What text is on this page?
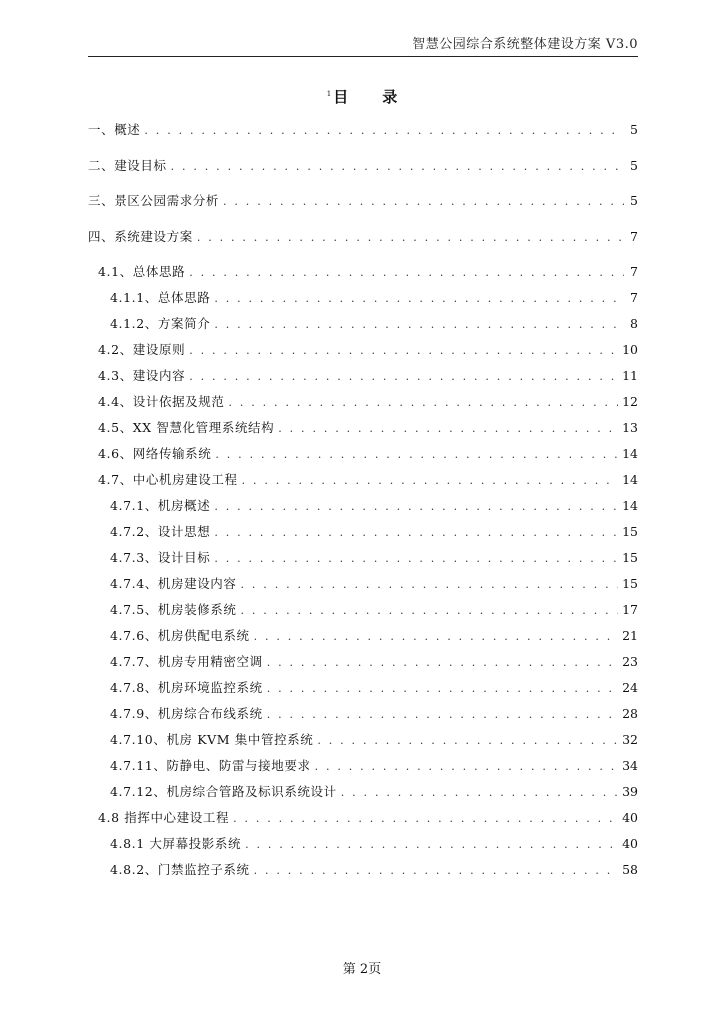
智慧公园综合系统整体建设方案 V3.0
$^1$ 目 录
一、概述 . . .	5
二、建设目标 . . .	5
三、景区公园需求分析 . . .	5
四、系统建设方案 . . .	7
4.1、总体思路 . . .	7
4.1.1、总体思路 . . .	7
4.1.2、方案简介 . . .	8
4.2、建设原则 . . .	10
4.3、建设内容 . . .	11
4.4、设计依据及规范 . . .	12
4.5、XX 智慧化管理系统结构 . . .	13
4.6、网络传输系统 . . .	14
4.7、中心机房建设工程 . . .	14
4.7.1、机房概述 . . .	14
4.7.2、设计思想 . . .	15
4.7.3、设计目标 . . .	15
4.7.4、机房建设内容 . . .	15
4.7.5、机房装修系统 . . .	17
4.7.6、机房供配电系统 . . .	21
4.7.7、机房专用精密空调 . . .	23
4.7.8、机房环境监控系统 . . .	24
4.7.9、机房综合布线系统 . . .	28
4.7.10、机房 KVM 集中管控系统 . . .	32
4.7.11、防静电、防雷与接地要求 . . .	34
4.7.12、机房综合管路及标识系统设计 . . .	39
4.8 指挥中心建设工程 . . .	40
4.8.1 大屏幕投影系统 . . .	40
4.8.2、门禁监控子系统 . . .	58
第 2页
